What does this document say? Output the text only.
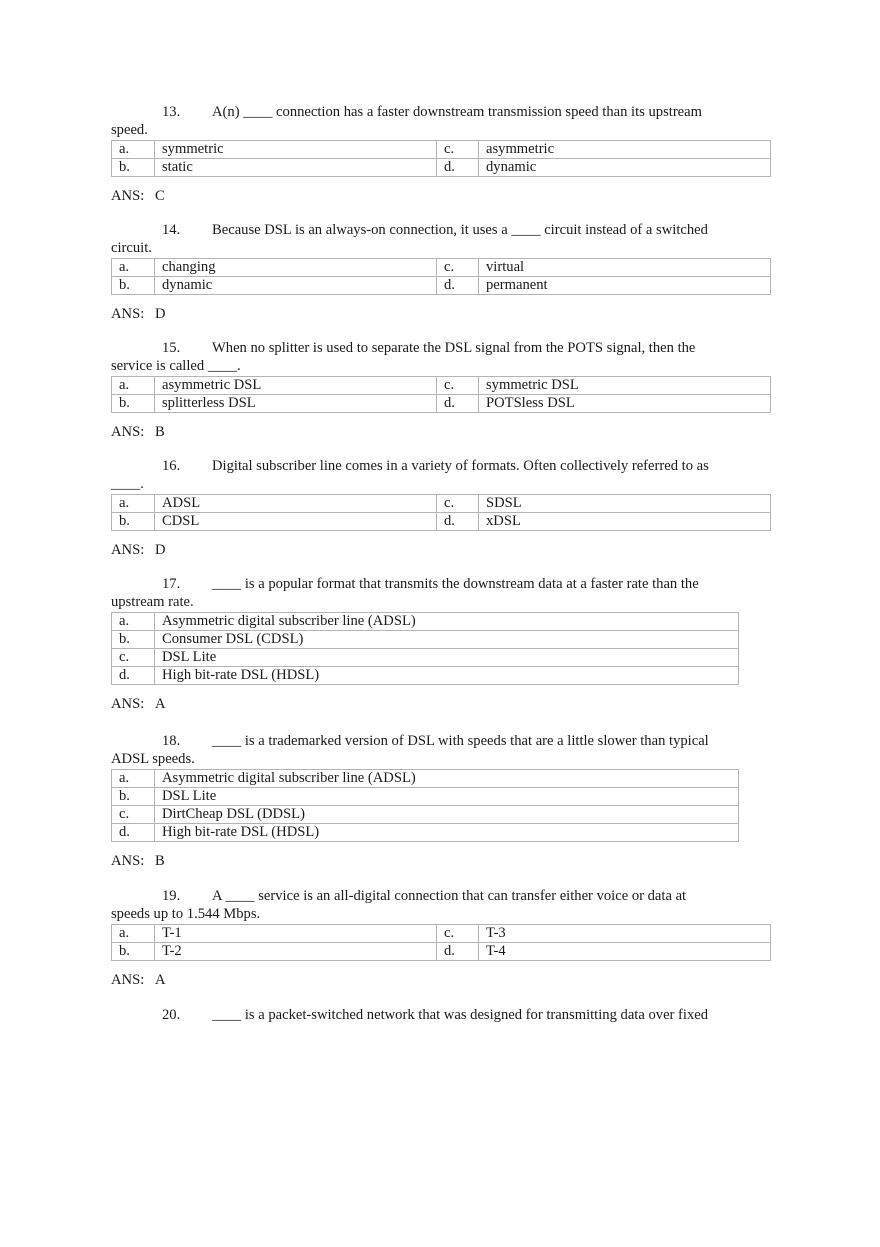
13. A(n) ____ connection has a faster downstream transmission speed than its upstream
speed.
a.	symmetric	c.	asymmetric
b.	static	d.	dynamic
ANS: C
14. Because DSL is an always-on connection, it uses a ____ circuit instead of a switched
circuit.
a.	changing	c.	virtual
b.	dynamic	d.	permanent
ANS: D
15. When no splitter is used to separate the DSL signal from the POTS signal, then the
service is called ____.
a.	asymmetric DSL	c.	symmetric DSL
b.	splitterless DSL	d.	POTSless DSL
ANS: B
16. Digital subscriber line comes in a variety of formats. Often collectively referred to as
____.
a.	ADSL	c.	SDSL
b.	CDSL	d.	xDSL
ANS: D
17. ____ is a popular format that transmits the downstream data at a faster rate than the
upstream rate.
a.	Asymmetric digital subscriber line (ADSL)
b.	Consumer DSL (CDSL)
c.	DSL Lite
d.	High bit-rate DSL (HDSL)
ANS: A
18. ____ is a trademarked version of DSL with speeds that are a little slower than typical
ADSL speeds.
a.	Asymmetric digital subscriber line (ADSL)
b.	DSL Lite
c.	DirtCheap DSL (DDSL)
d.	High bit-rate DSL (HDSL)
ANS: B
19. A ____ service is an all-digital connection that can transfer either voice or data at
speeds up to 1.544 Mbps.
a.	T-1	c.	T-3
b.	T-2	d.	T-4
ANS: A
20. ____ is a packet-switched network that was designed for transmitting data over fixed
